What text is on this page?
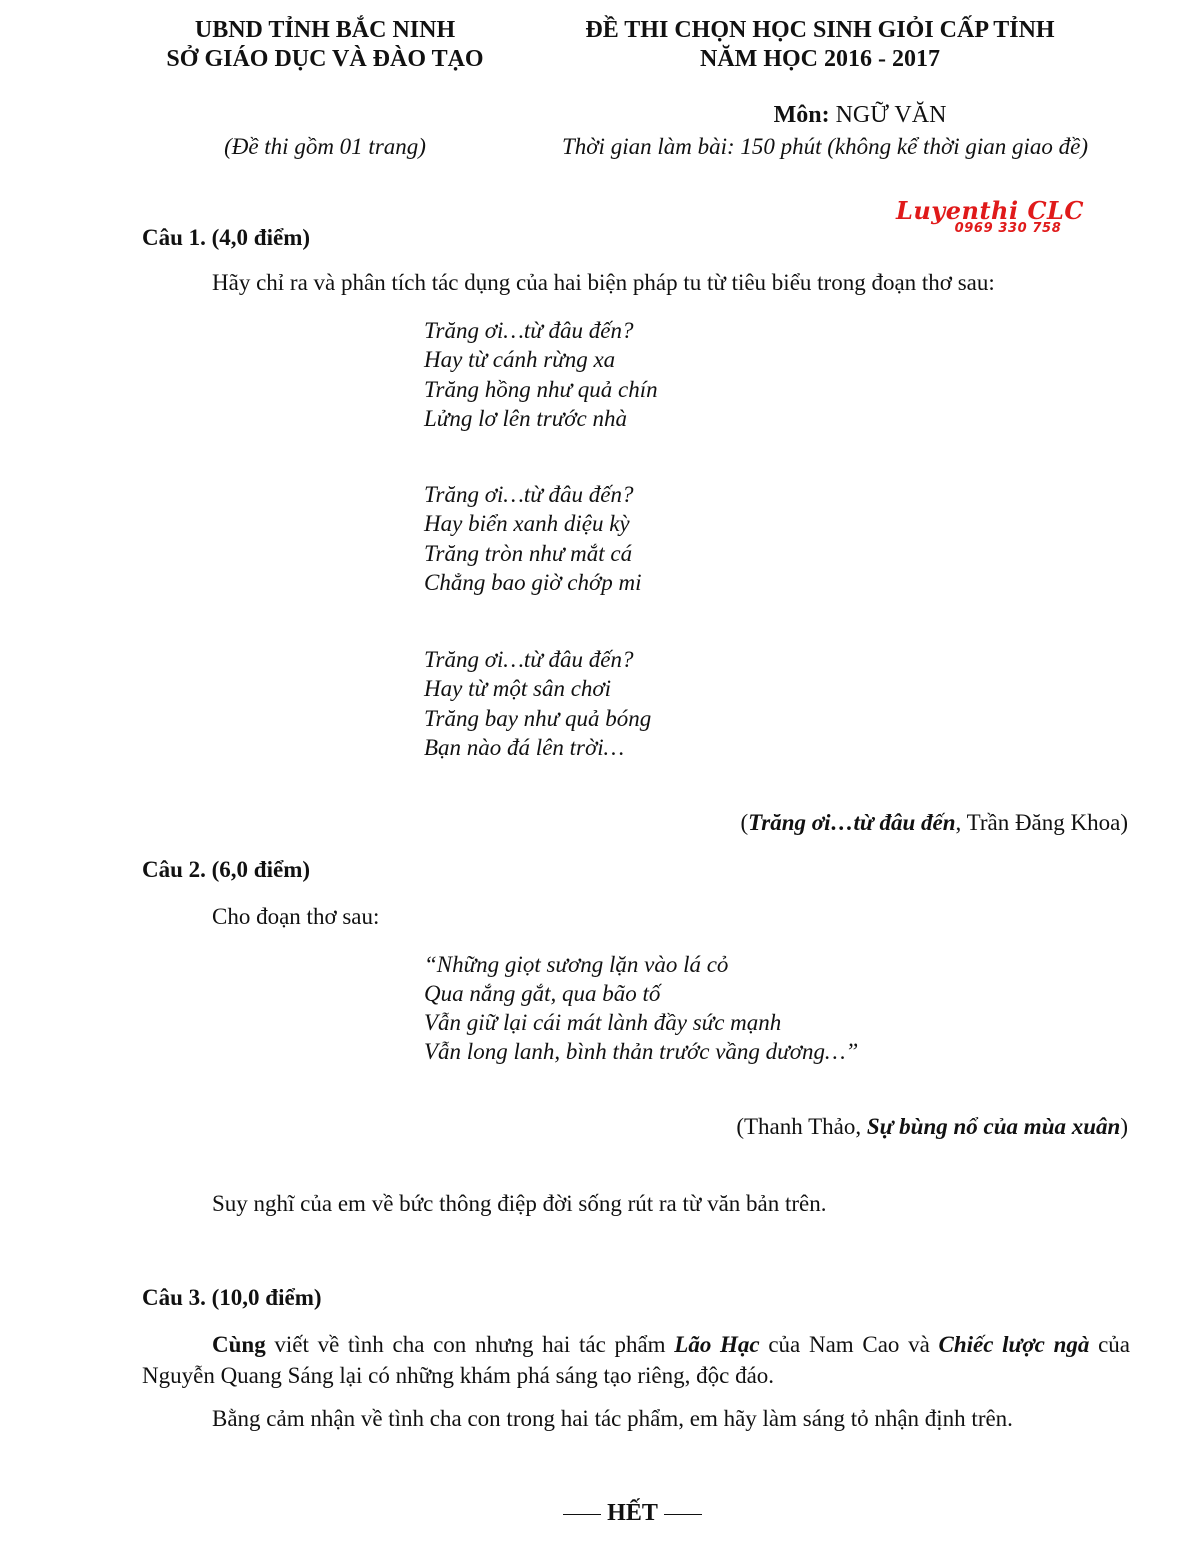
UBND TỈNH BẮC NINH
SỞ GIÁO DỤC VÀ ĐÀO TẠO
ĐỀ THI CHỌN HỌC SINH GIỎI CẤP TỈNH
NĂM HỌC 2016 - 2017
Môn: NGỮ VĂN
(Đề thi gồm 01 trang)	Thời gian làm bài: 150 phút (không kể thời gian giao đề)
Luyenthi CLC
0969 330 758
Câu 1. (4,0 điểm)
Hãy chỉ ra và phân tích tác dụng của hai biện pháp tu từ tiêu biểu trong đoạn thơ sau:
Trăng ơi…từ đâu đến?
Hay từ cánh rừng xa
Trăng hồng như quả chín
Lửng lơ lên trước nhà
Trăng ơi…từ đâu đến?
Hay biển xanh diệu kỳ
Trăng tròn như mắt cá
Chẳng bao giờ chớp mi
Trăng ơi…từ đâu đến?
Hay từ một sân chơi
Trăng bay như quả bóng
Bạn nào đá lên trời…
(Trăng ơi…từ đâu đến, Trần Đăng Khoa)
Câu 2. (6,0 điểm)
Cho đoạn thơ sau:
“Những giọt sương lặn vào lá cỏ
Qua nắng gắt, qua bão tố
Vẫn giữ lại cái mát lành đầy sức mạnh
Vẫn long lanh, bình thản trước vầng dương…”
(Thanh Thảo, Sự bùng nổ của mùa xuân)
Suy nghĩ của em về bức thông điệp đời sống rút ra từ văn bản trên.
Câu 3. (10,0 điểm)
Cùng viết về tình cha con nhưng hai tác phẩm Lão Hạc của Nam Cao và Chiếc lược ngà của Nguyễn Quang Sáng lại có những khám phá sáng tạo riêng, độc đáo.
Bằng cảm nhận về tình cha con trong hai tác phẩm, em hãy làm sáng tỏ nhận định trên.
HẾT
